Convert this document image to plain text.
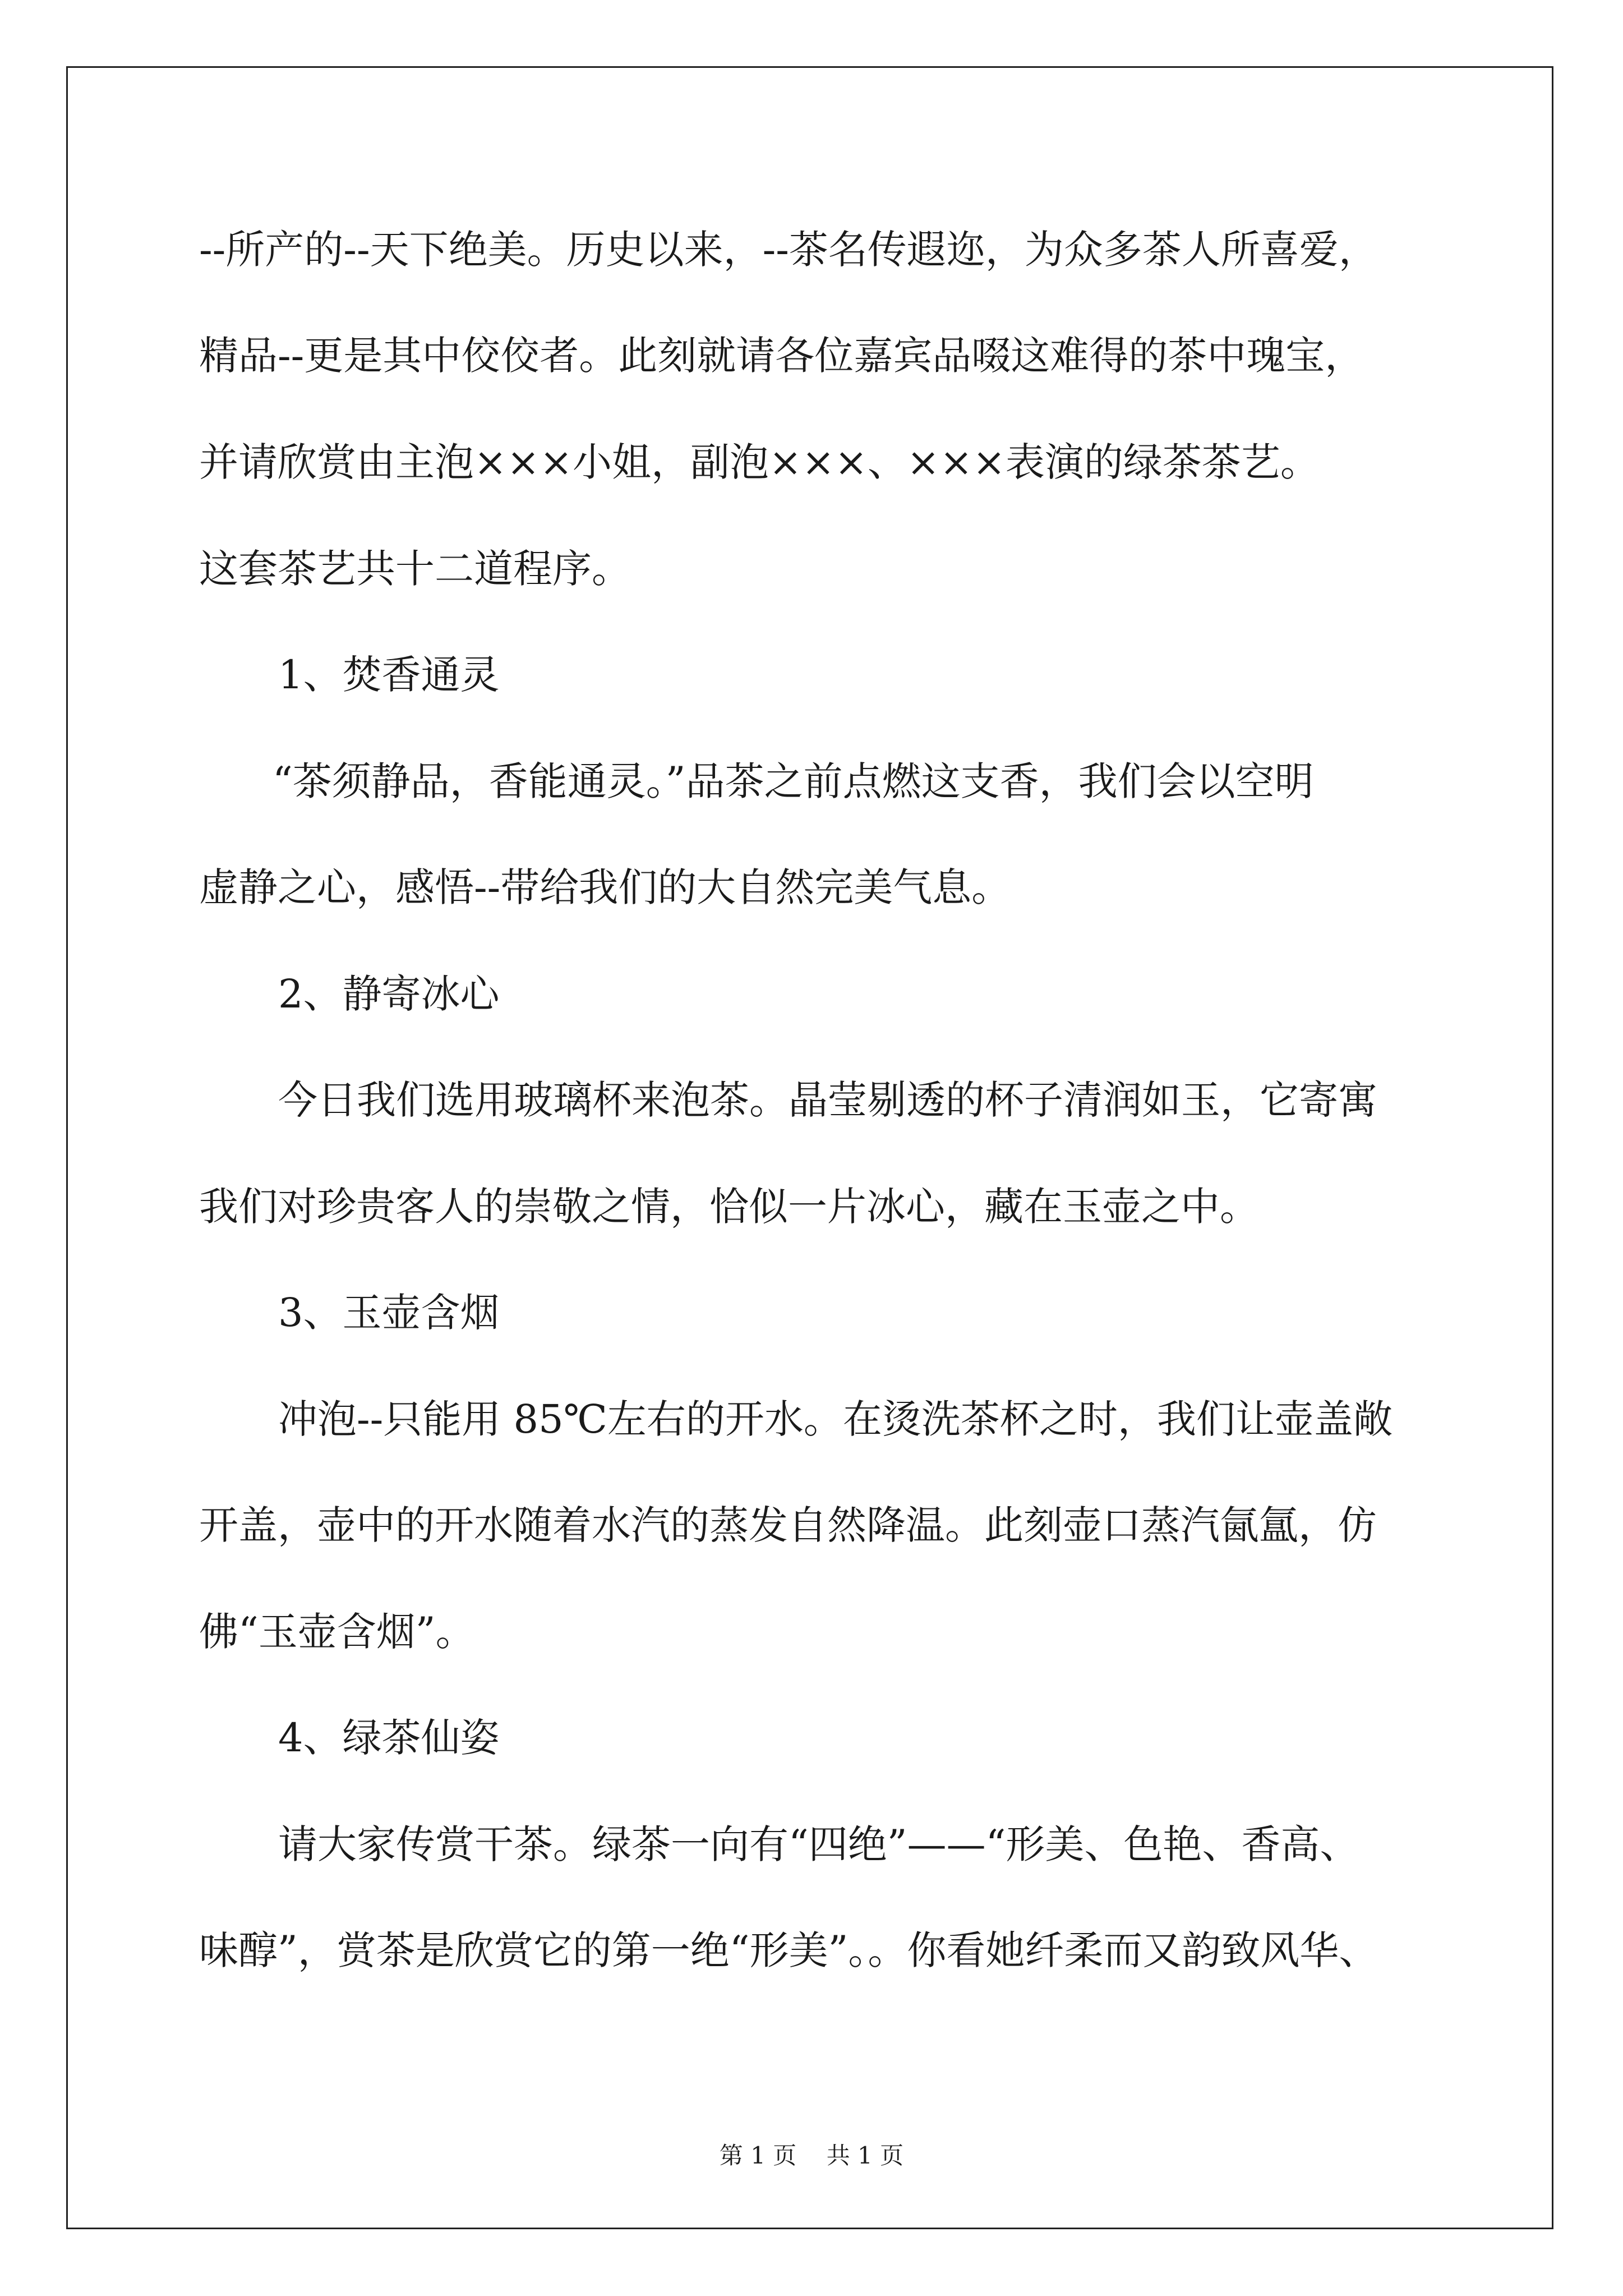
--所产的--天下绝美。历史以来，--茶名传遐迩，为众多茶人所喜爱，
精品--更是其中佼佼者。此刻就请各位嘉宾品啜这难得的茶中瑰宝，
并请欣赏由主泡×××小姐，副泡×××、×××表演的绿茶茶艺。
这套茶艺共十二道程序。
1、焚香通灵
“茶须静品，香能通灵。”品茶之前点燃这支香，我们会以空明
虚静之心，感悟--带给我们的大自然完美气息。
2、静寄冰心
今日我们选用玻璃杯来泡茶。晶莹剔透的杯子清润如玉，它寄寓
我们对珍贵客人的崇敬之情，恰似一片冰心，藏在玉壶之中。
3、玉壶含烟
冲泡--只能用 85℃左右的开水。在烫洗茶杯之时，我们让壶盖敞
开盖，壶中的开水随着水汽的蒸发自然降温。此刻壶口蒸汽氤氲，仿
佛“玉壶含烟”。
4、绿茶仙姿
请大家传赏干茶。绿茶一向有“四绝”——“形美、色艳、香高、
味醇”，赏茶是欣赏它的第一绝“形美”。。你看她纤柔而又韵致风华、
第 1 页    共 1 页
